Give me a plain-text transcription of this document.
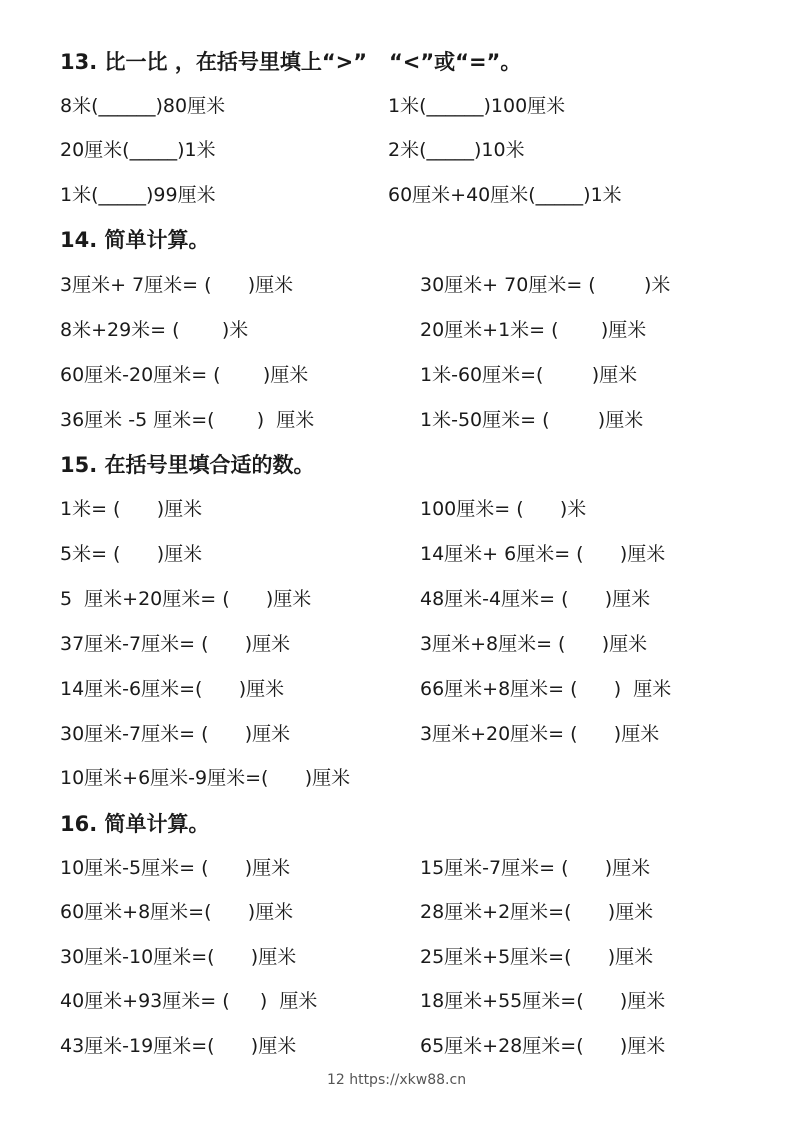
13. 比一比 ，在括号里填上“>”   “<”或“=”。
8米(______)80厘米	1米(______)100厘米
20厘米(_____)1米	2米(_____)10米
1米(_____)99厘米	60厘米+40厘米(_____)1米
14. 简单计算。
3厘米+ 7厘米= (      )厘米	30厘米+ 70厘米= (        )米
8米+29米= (       )米	20厘米+1米= (       )厘米
60厘米-20厘米= (       )厘米	1米-60厘米=(        )厘米
36厘米 -5 厘米=(       )  厘米	1米-50厘米= (        )厘米
15. 在括号里填合适的数。
1米= (      )厘米	100厘米= (      )米
5米= (      )厘米	14厘米+ 6厘米= (      )厘米
5  厘米+20厘米= (      )厘米	48厘米-4厘米= (      )厘米
37厘米-7厘米= (      )厘米	3厘米+8厘米= (      )厘米
14厘米-6厘米=(      )厘米	66厘米+8厘米= (      )  厘米
30厘米-7厘米= (      )厘米	3厘米+20厘米= (      )厘米
10厘米+6厘米-9厘米=(      )厘米
16. 简单计算。
10厘米-5厘米= (      )厘米	15厘米-7厘米= (      )厘米
60厘米+8厘米=(      )厘米	28厘米+2厘米=(      )厘米
30厘米-10厘米=(      )厘米	25厘米+5厘米=(      )厘米
40厘米+93厘米= (     )  厘米	18厘米+55厘米=(      )厘米
43厘米-19厘米=(      )厘米	65厘米+28厘米=(      )厘米
12 https://xkw88.cn
